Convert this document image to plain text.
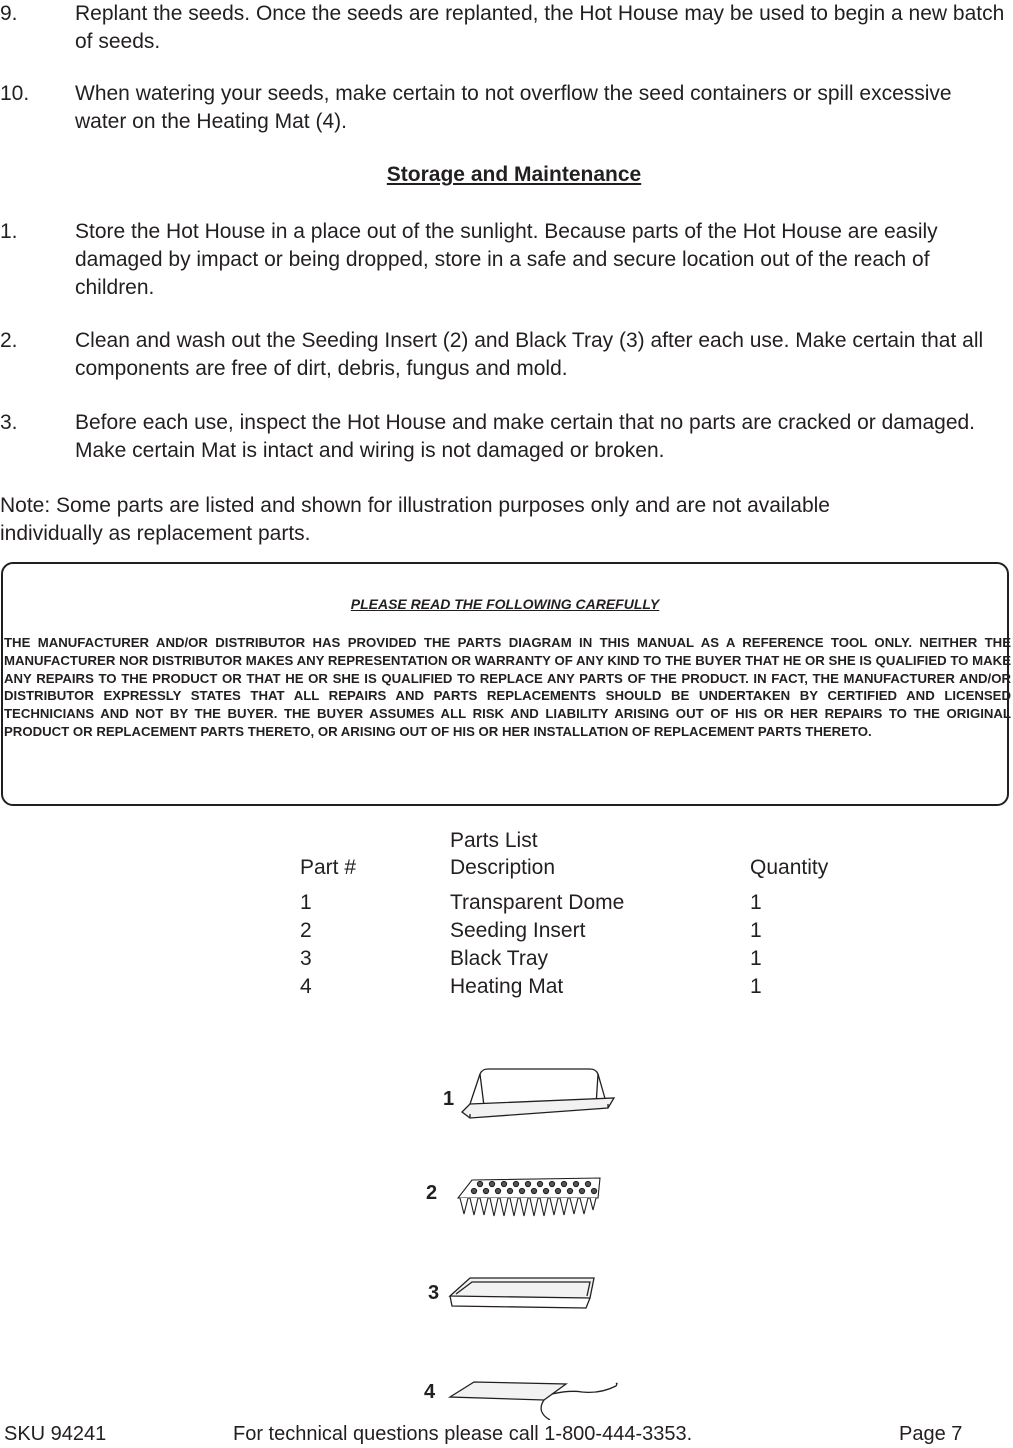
9.	Replant the seeds. Once the seeds are replanted, the Hot House may be used to begin a new batch of seeds.
10. When watering your seeds, make certain to not overflow the seed containers or spill excessive water on the Heating Mat (4).
Storage and Maintenance
1.	Store the Hot House in a place out of the sunlight. Because parts of the Hot House are easily damaged by impact or being dropped, store in a safe and secure location out of the reach of children.
2.	Clean and wash out the Seeding Insert (2) and Black Tray (3) after each use. Make certain that all components are free of dirt, debris, fungus and mold.
3.	Before each use, inspect the Hot House and make certain that no parts are cracked or damaged. Make certain Mat is intact and wiring is not damaged or broken.
Note: Some parts are listed and shown for illustration purposes only and are not available individually as replacement parts.
PLEASE READ THE FOLLOWING CAREFULLY
THE MANUFACTURER AND/OR DISTRIBUTOR HAS PROVIDED THE PARTS DIAGRAM IN THIS MANUAL AS A REFERENCE TOOL ONLY. NEITHER THE MANUFACTURER NOR DISTRIBUTOR MAKES ANY REPRESENTATION OR WARRANTY OF ANY KIND TO THE BUYER THAT HE OR SHE IS QUALIFIED TO MAKE ANY REPAIRS TO THE PRODUCT OR THAT HE OR SHE IS QUALIFIED TO REPLACE ANY PARTS OF THE PRODUCT. IN FACT, THE MANUFACTURER AND/OR DISTRIBUTOR EXPRESSLY STATES THAT ALL REPAIRS AND PARTS REPLACEMENTS SHOULD BE UNDERTAKEN BY CERTIFIED AND LICENSED TECHNICIANS AND NOT BY THE BUYER. THE BUYER ASSUMES ALL RISK AND LIABILITY ARISING OUT OF HIS OR HER REPAIRS TO THE ORIGINAL PRODUCT OR REPLACEMENT PARTS THERETO, OR ARISING OUT OF HIS OR HER INSTALLATION OF REPLACEMENT PARTS THERETO.
Parts List
Part #	Description	Quantity
1	Transparent Dome	1
2	Seeding Insert	1
3	Black Tray	1
4	Heating Mat	1
1
2
3
4
SKU 94241	For technical questions please call 1-800-444-3353.	Page 7
